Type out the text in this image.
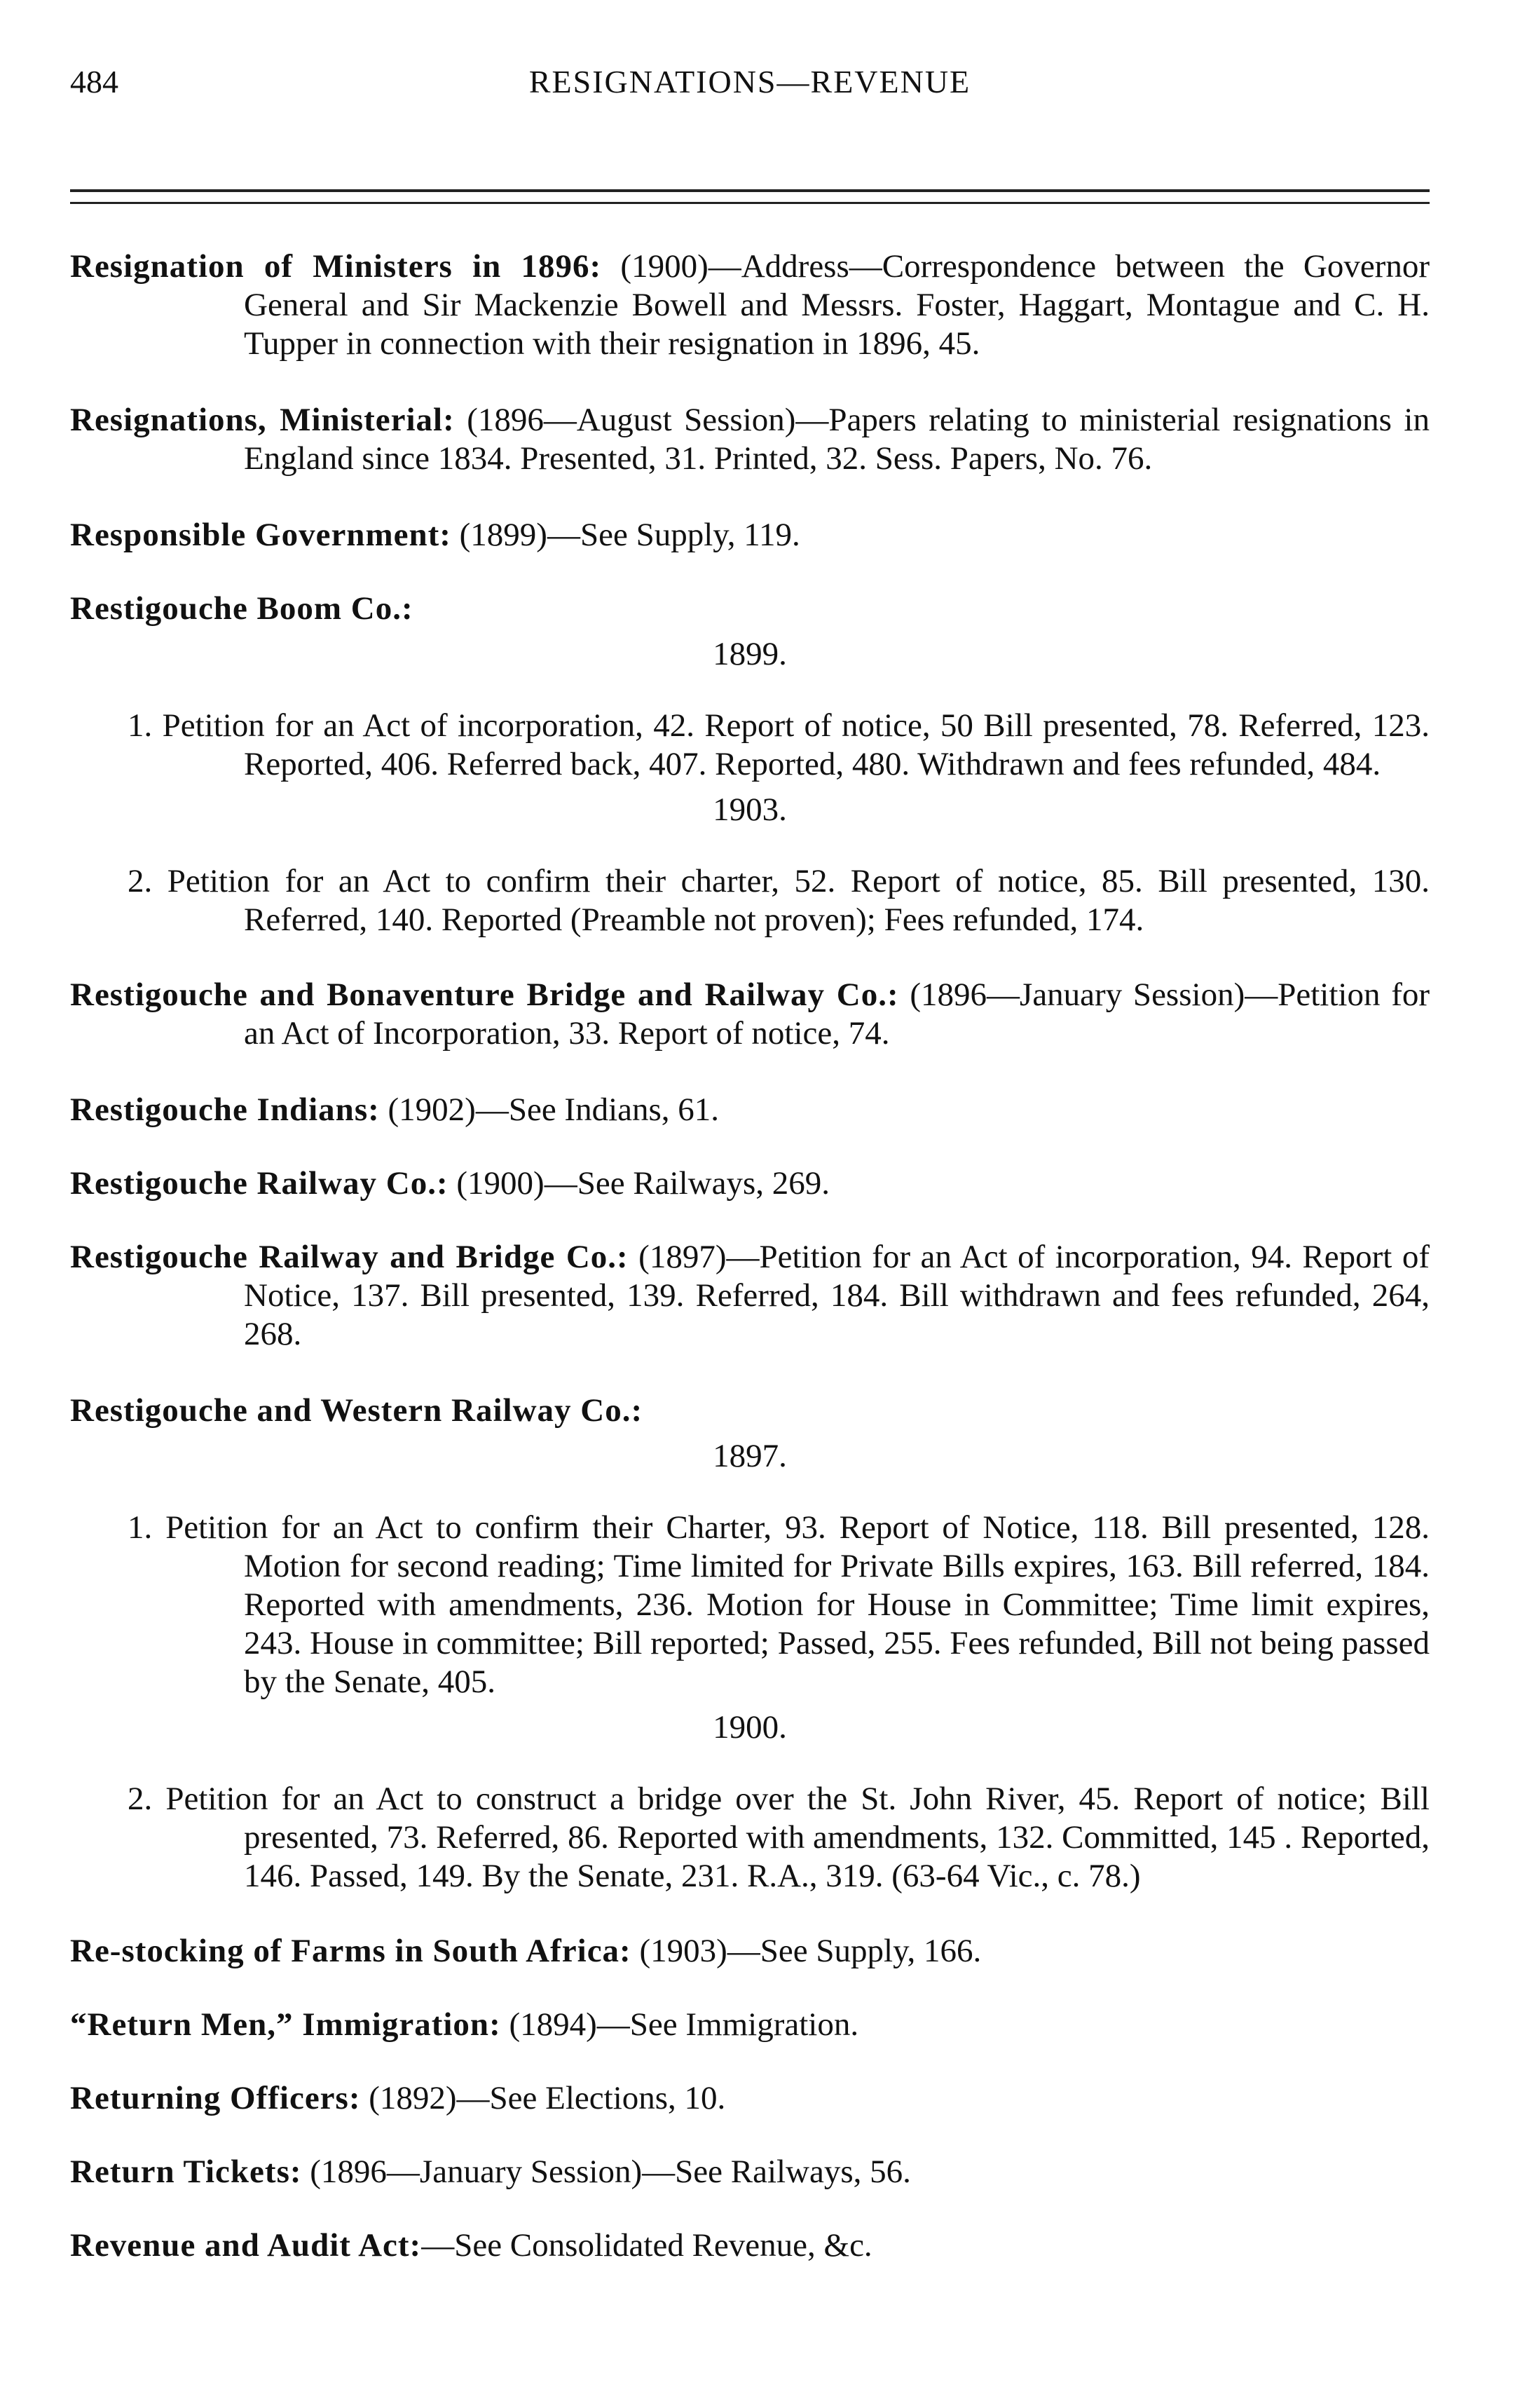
484	RESIGNATIONS—REVENUE

Resignation of Ministers in 1896: (1900)—Address—Correspondence between the Governor General and Sir Mackenzie Bowell and Messrs. Foster, Haggart, Montague and C. H. Tupper in connection with their resignation in 1896, 45.

Resignations, Ministerial: (1896—August Session)—Papers relating to ministerial resignations in England since 1834. Presented, 31. Printed, 32. Sess. Papers, No. 76.

Responsible Government: (1899)—See Supply, 119.

Restigouche Boom Co.:
1899.

1. Petition for an Act of incorporation, 42. Report of notice, 50 Bill presented, 78. Referred, 123. Reported, 406. Referred back, 407. Reported, 480. Withdrawn and fees refunded, 484.

1903.

2. Petition for an Act to confirm their charter, 52. Report of notice, 85. Bill presented, 130. Referred, 140. Reported (Preamble not proven); Fees refunded, 174.

Restigouche and Bonaventure Bridge and Railway Co.: (1896—January Session)—Petition for an Act of Incorporation, 33. Report of notice, 74.

Restigouche Indians: (1902)—See Indians, 61.

Restigouche Railway Co.: (1900)—See Railways, 269.

Restigouche Railway and Bridge Co.: (1897)—Petition for an Act of incorporation, 94. Report of Notice, 137. Bill presented, 139. Referred, 184. Bill withdrawn and fees refunded, 264, 268.

Restigouche and Western Railway Co.:
1897.

1. Petition for an Act to confirm their Charter, 93. Report of Notice, 118. Bill presented, 128. Motion for second reading; Time limited for Private Bills expires, 163. Bill referred, 184. Reported with amendments, 236. Motion for House in Committee; Time limit expires, 243. House in committee; Bill reported; Passed, 255. Fees refunded, Bill not being passed by the Senate, 405.

1900.

2. Petition for an Act to construct a bridge over the St. John River, 45. Report of notice; Bill presented, 73. Referred, 86. Reported with amendments, 132. Committed, 145 . Reported, 146. Passed, 149. By the Senate, 231. R.A., 319. (63-64 Vic., c. 78.)

Re-stocking of Farms in South Africa: (1903)—See Supply, 166.

“Return Men,” Immigration: (1894)—See Immigration.

Returning Officers: (1892)—See Elections, 10.

Return Tickets: (1896—January Session)—See Railways, 56.

Revenue and Audit Act:—See Consolidated Revenue, &c.
